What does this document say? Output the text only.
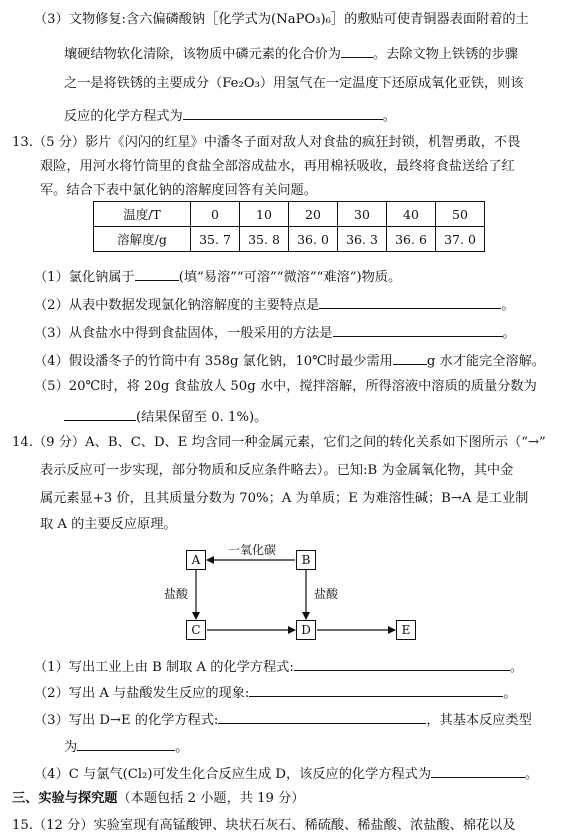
（3）文物修复:含六偏磷酸钠［化学式为(NaPO₃)₆］的敷贴可使青铜器表面附着的土
壤硬结物软化清除，该物质中磷元素的化合价为 。去除文物上铁锈的步骤
之一是将铁锈的主要成分（Fe₂O₃）用氢气在一定温度下还原成氧化亚铁，则该
反应的化学方程式为	。
13.（5 分）影片《闪闪的红星》中潘冬子面对敌人对食盐的疯狂封锁，机智勇敢，不畏
艰险，用河水将竹筒里的食盐全部溶成盐水，再用棉袄吸收，最终将食盐送给了红
军。结合下表中氯化钠的溶解度回答有关问题。
温度/T	0	10	20	30	40	50
溶解度/g	35. 7	35. 8	36. 0	36. 3	36. 6	37. 0
（1）氯化钠属于	(填“易溶”“可溶”“微溶”“难溶”)物质。
（2）从表中数据发现氯化钠溶解度的主要特点是	。
（3）从食盐水中得到食盐固体，一般采用的方法是	。
（4）假设潘冬子的竹筒中有 358g 氯化钠，10℃时最少需用	g 水才能完全溶解。
（5）20℃时，将 20g 食盐放人 50g 水中，搅拌溶解，所得溶液中溶质的质量分数为
(结果保留至 0. 1%)。
14.（9 分）A、B、C、D、E 均含同一种金属元素，它们之间的转化关系如下图所示（“→”
表示反应可一步实现，部分物质和反应条件略去）。已知:B 为金属氧化物，其中金
属元素显+3 价，且其质量分数为 70%；A 为单质；E 为难溶性碱；B→A 是工业制
取 A 的主要反应原理。
A	B
C	D	E
一氧化碳
盐酸	盐酸
（1）写出工业上由 B 制取 A 的化学方程式:	。
（2）写出 A 与盐酸发生反应的现象:	。
（3）写出 D→E 的化学方程式:	，其基本反应类型
为	。
（4）C 与氯气(Cl₂)可发生化合反应生成 D，该反应的化学方程式为	。
三、实验与探究题（本题包括 2 小题，共 19 分）
15.（12 分）实验室现有高锰酸钾、块状石灰石、稀硫酸、稀盐酸、浓盐酸、棉花以及
